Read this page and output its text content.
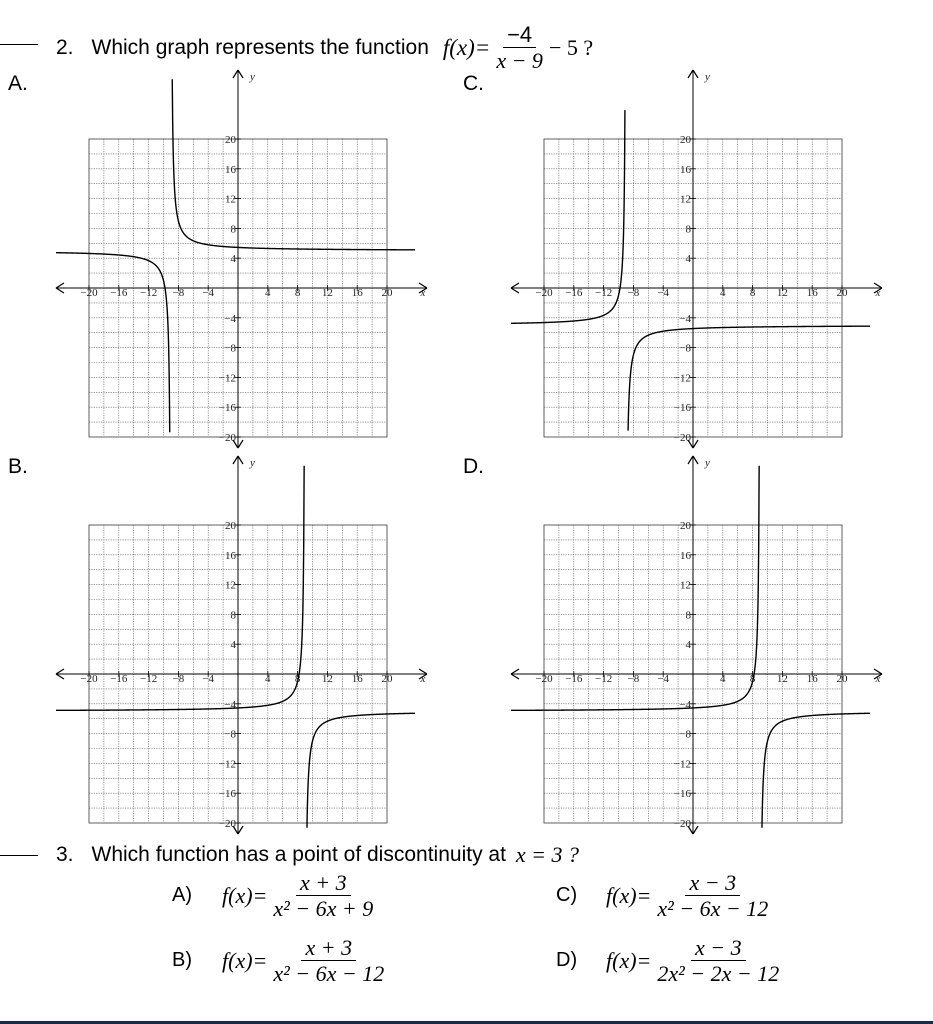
2. Which graph represents the function $f(x)= \frac{-4}{x - 9} - 5$ ?
A.	C.
B.	D.
−20 −16 −12 −8 −4	4 8 12 16 20
20
16
12
8
4
−4
−8
−12
−16
−20
x
y
−20 −16 −12 −8 −4	4 8 12 16 20
20
16
12
8
4
−4
−8
−12
−16
−20
x
y
−20 −16 −12 −8 −4	4 8 12 16 20
20
16
12
8
4
−4
−8
−12
−16
−20
x
y
−20 −16 −12 −8 −4	4 8 12 16 20
20
16
12
8
4
−4
−8
−12
−16
−20
x
y
3. Which function has a point of discontinuity at x = 3 ?
A)	$f(x)= \frac{x + 3}{\text{x² − 6x + 9}}$	C)	$f(x)= \frac{x - 3}{\text{x² − 6x − 12}}$
B)	$f(x)= \frac{x + 3}{\text{x² − 6x − 12}}$	D)	$f(x)= \frac{x - 3}{\text{2x² − 2x − 12}}$
